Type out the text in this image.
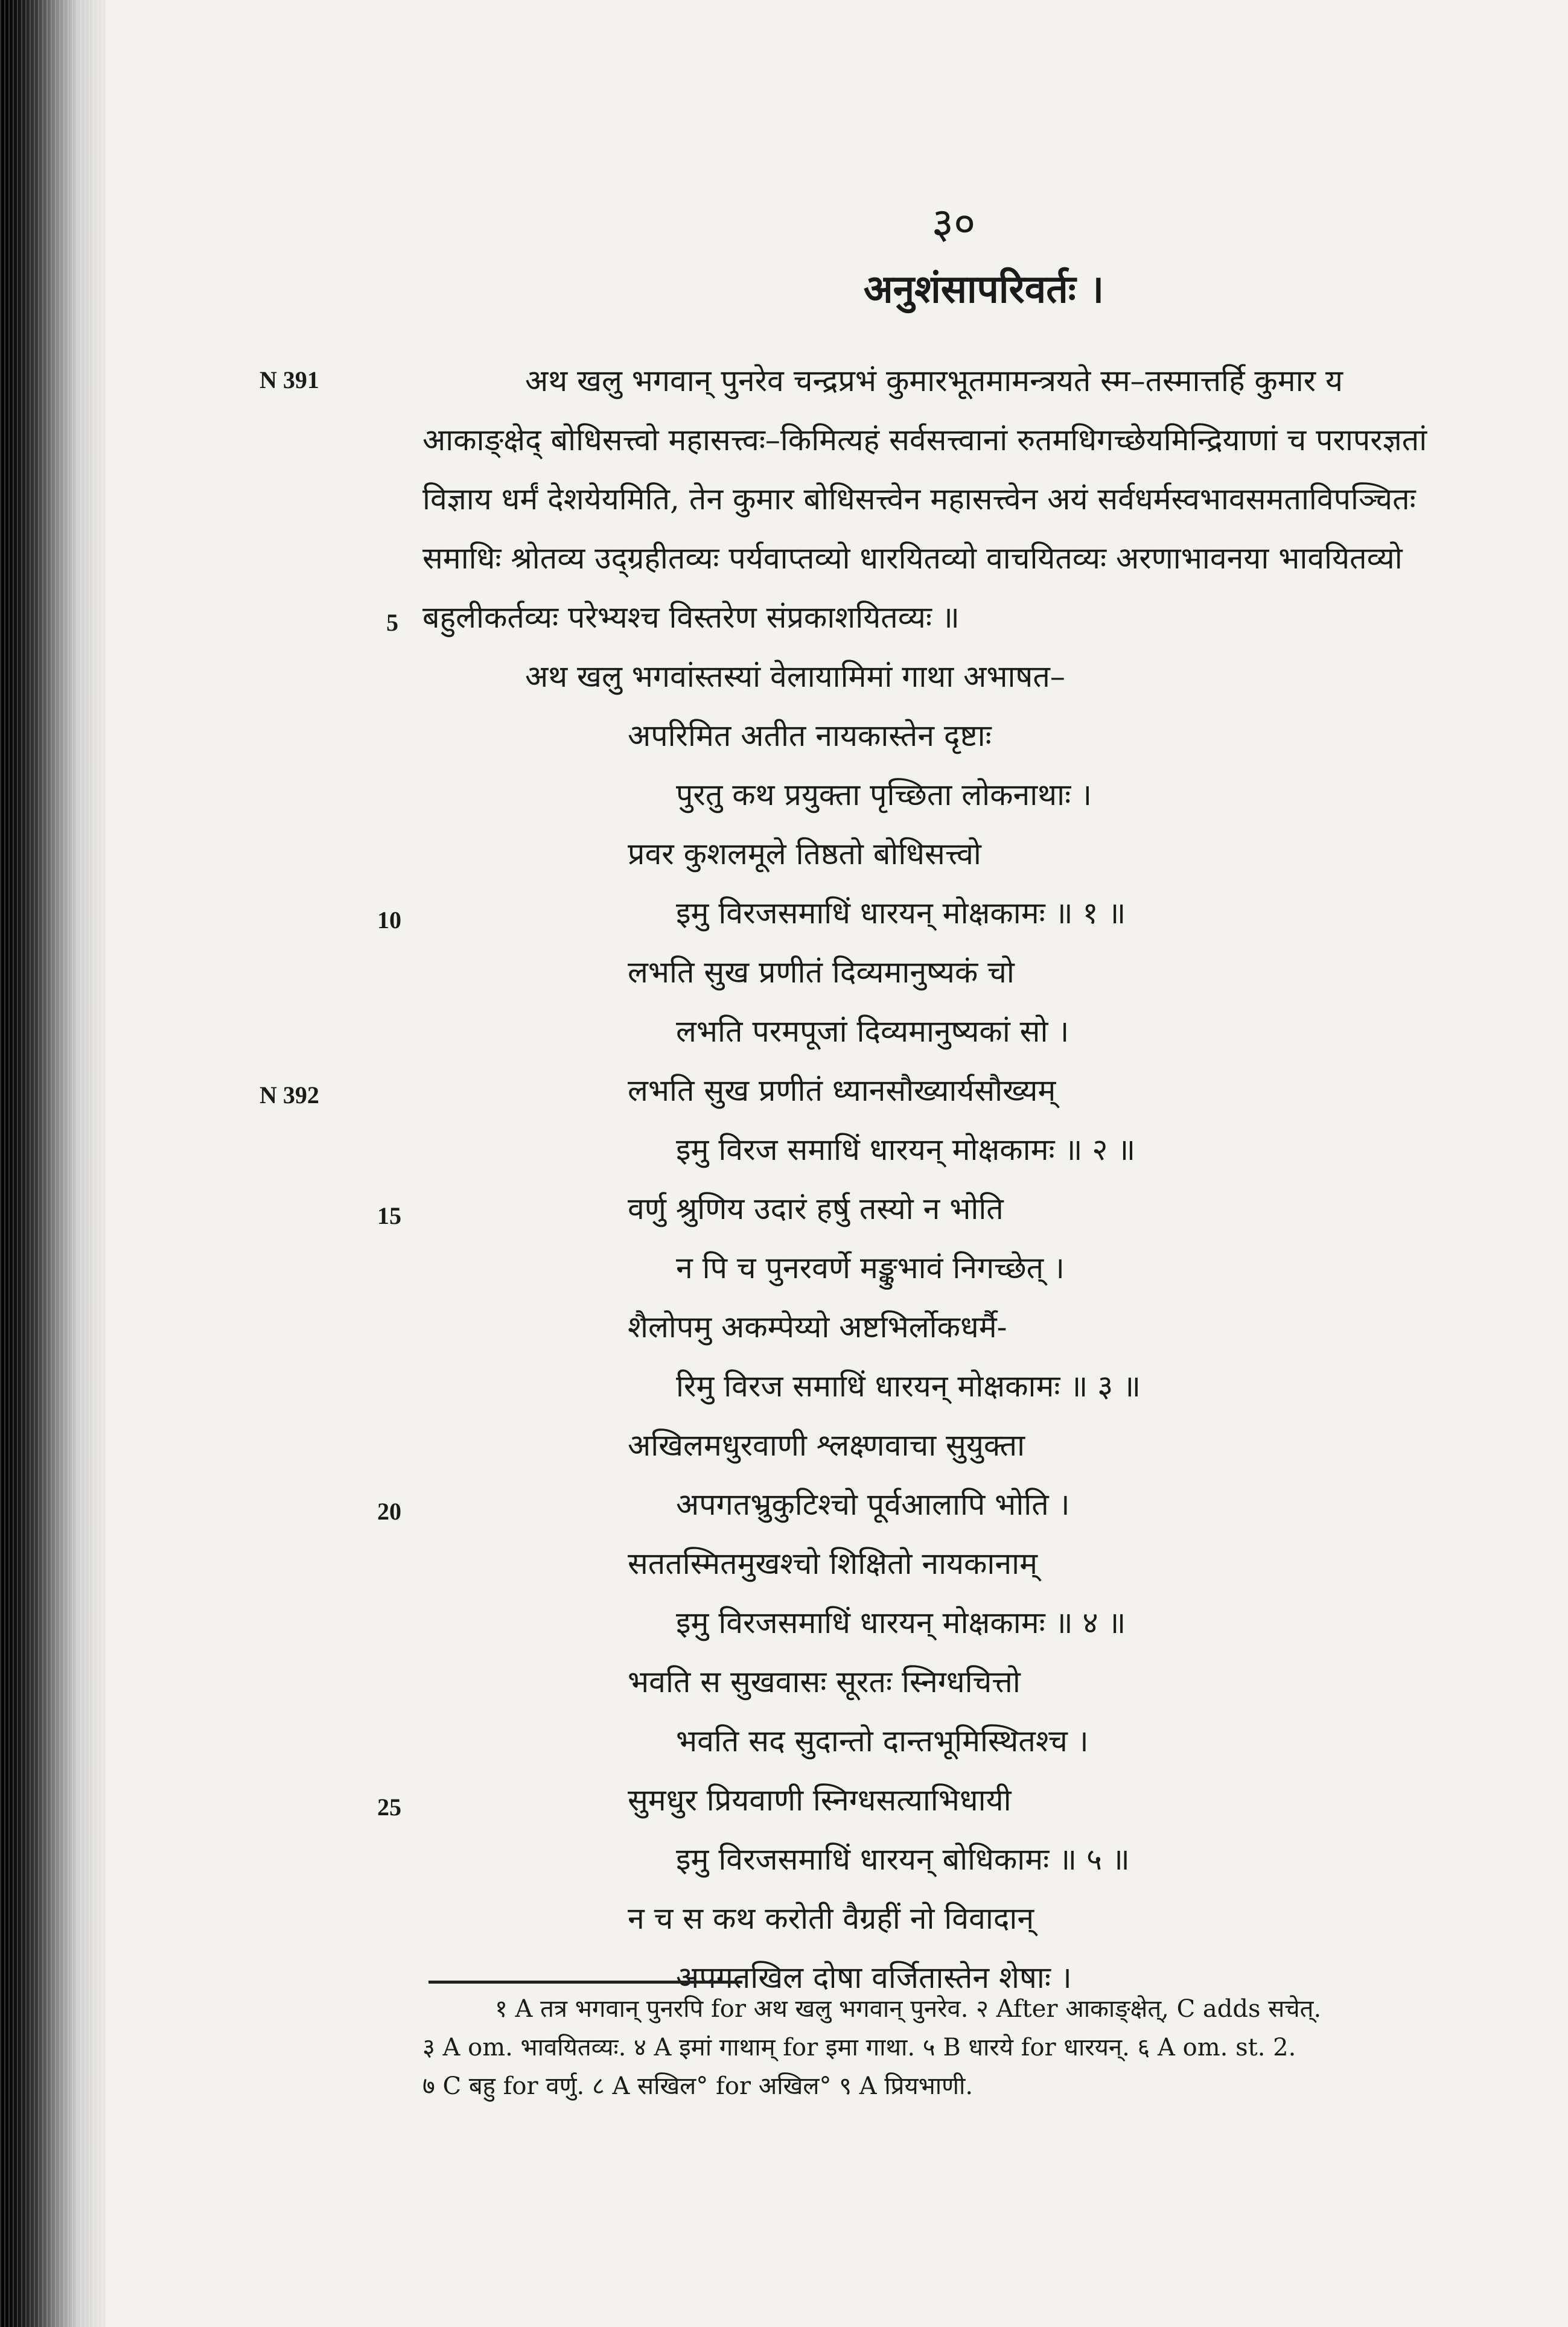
३०
अनुशंसापरिवर्तः ।
N 391
N 392
5
10
15
20
25
अथ खलु भगवान् पुनरेव चन्द्रप्रभं कुमारभूतमामन्त्रयते स्म–तस्मात्तर्हि कुमार य
आकाङ्क्षेद् बोधिसत्त्वो महासत्त्वः–किमित्यहं सर्वसत्त्वानां रुतमधिगच्छेयमिन्द्रियाणां च परापरज्ञतां
विज्ञाय धर्मं देशयेयमिति, तेन कुमार बोधिसत्त्वेन महासत्त्वेन अयं सर्वधर्मस्वभावसमताविपञ्चितः
समाधिः श्रोतव्य उद्ग्रहीतव्यः पर्यवाप्तव्यो धारयितव्यो वाचयितव्यः अरणाभावनया भावयितव्यो
बहुलीकर्तव्यः परेभ्यश्च विस्तरेण संप्रकाशयितव्यः ॥
अथ खलु भगवांस्तस्यां वेलायामिमां गाथा अभाषत–
अपरिमित अतीत नायकास्तेन दृष्टाः
पुरतु कथ प्रयुक्ता पृच्छिता लोकनाथाः ।
प्रवर कुशलमूले तिष्ठतो बोधिसत्त्वो
इमु विरजसमाधिं धारयन् मोक्षकामः ॥ १ ॥
लभति सुख प्रणीतं दिव्यमानुष्यकं चो
लभति परमपूजां दिव्यमानुष्यकां सो ।
लभति सुख प्रणीतं ध्यानसौख्यार्यसौख्यम्
इमु विरज समाधिं धारयन् मोक्षकामः ॥ २ ॥
वर्णु श्रुणिय उदारं हर्षु तस्यो न भोति
न पि च पुनरवर्णे मङ्कुभावं निगच्छेत् ।
शैलोपमु अकम्पेय्यो अष्टभिर्लोकधर्मै-
रिमु विरज समाधिं धारयन् मोक्षकामः ॥ ३ ॥
अखिलमधुरवाणी श्लक्ष्णवाचा सुयुक्ता
अपगतभ्रुकुटिश्चो पूर्वआलापि भोति ।
सततस्मितमुखश्चो शिक्षितो नायकानाम्
इमु विरजसमाधिं धारयन् मोक्षकामः ॥ ४ ॥
भवति स सुखवासः सूरतः स्निग्धचित्तो
भवति सद सुदान्तो दान्तभूमिस्थितश्च ।
सुमधुर प्रियवाणी स्निग्धसत्याभिधायी
इमु विरजसमाधिं धारयन् बोधिकामः ॥ ५ ॥
न च स कथ करोती वैग्रहीं नो विवादान्
अपगतखिल दोषा वर्जितास्तेन शेषाः ।
१ A तत्र भगवान् पुनरपि for अथ खलु भगवान् पुनरेव. २ After आकाङ्क्षेत्, C adds सचेत्.
३ A om. भावयितव्यः. ४ A इमां गाथाम् for इमा गाथा. ५ B धारये for धारयन्. ६ A om. st. 2.
७ C बहु for वर्णु. ८ A सखिल° for अखिल° ९ A प्रियभाणी.
